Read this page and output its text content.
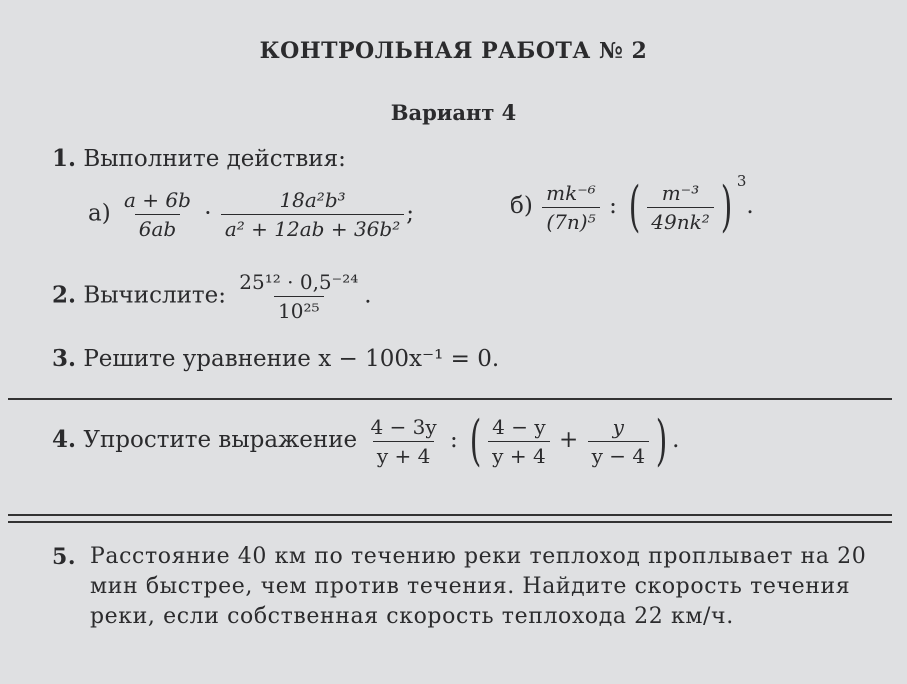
КОНТРОЛЬНАЯ РАБОТА № 2
Вариант 4
1. Выполните действия:
$а) \frac{a + 6b}{6ab} \cdot \frac{\text{18a²b³}}{\text{a² + 12ab + 36b²}}$ ;	$б) \frac{\text{mk⁻⁶}}{\text{(7n)⁵}}$ : ( $\frac{\text{m⁻³}}{\text{49nk²}}$ ) $^3$.
2. Вычислите: $\frac{\text{25¹² · 0,5⁻²⁴}}{\text{10²⁵}}$ .
3. Решите уравнение x − 100x⁻¹ = 0.
4. Упростите выражение $\frac{4 - 3y}{y + 4}$ : ( $\frac{4 - y}{y + 4} + \frac{y}{y - 4}$ ) .
5. Расстояние 40 км по течению реки теплоход проплывает на 20 мин быстрее, чем против течения. Найдите скорость течения реки, если собственная скорость теплохода 22 км/ч.
